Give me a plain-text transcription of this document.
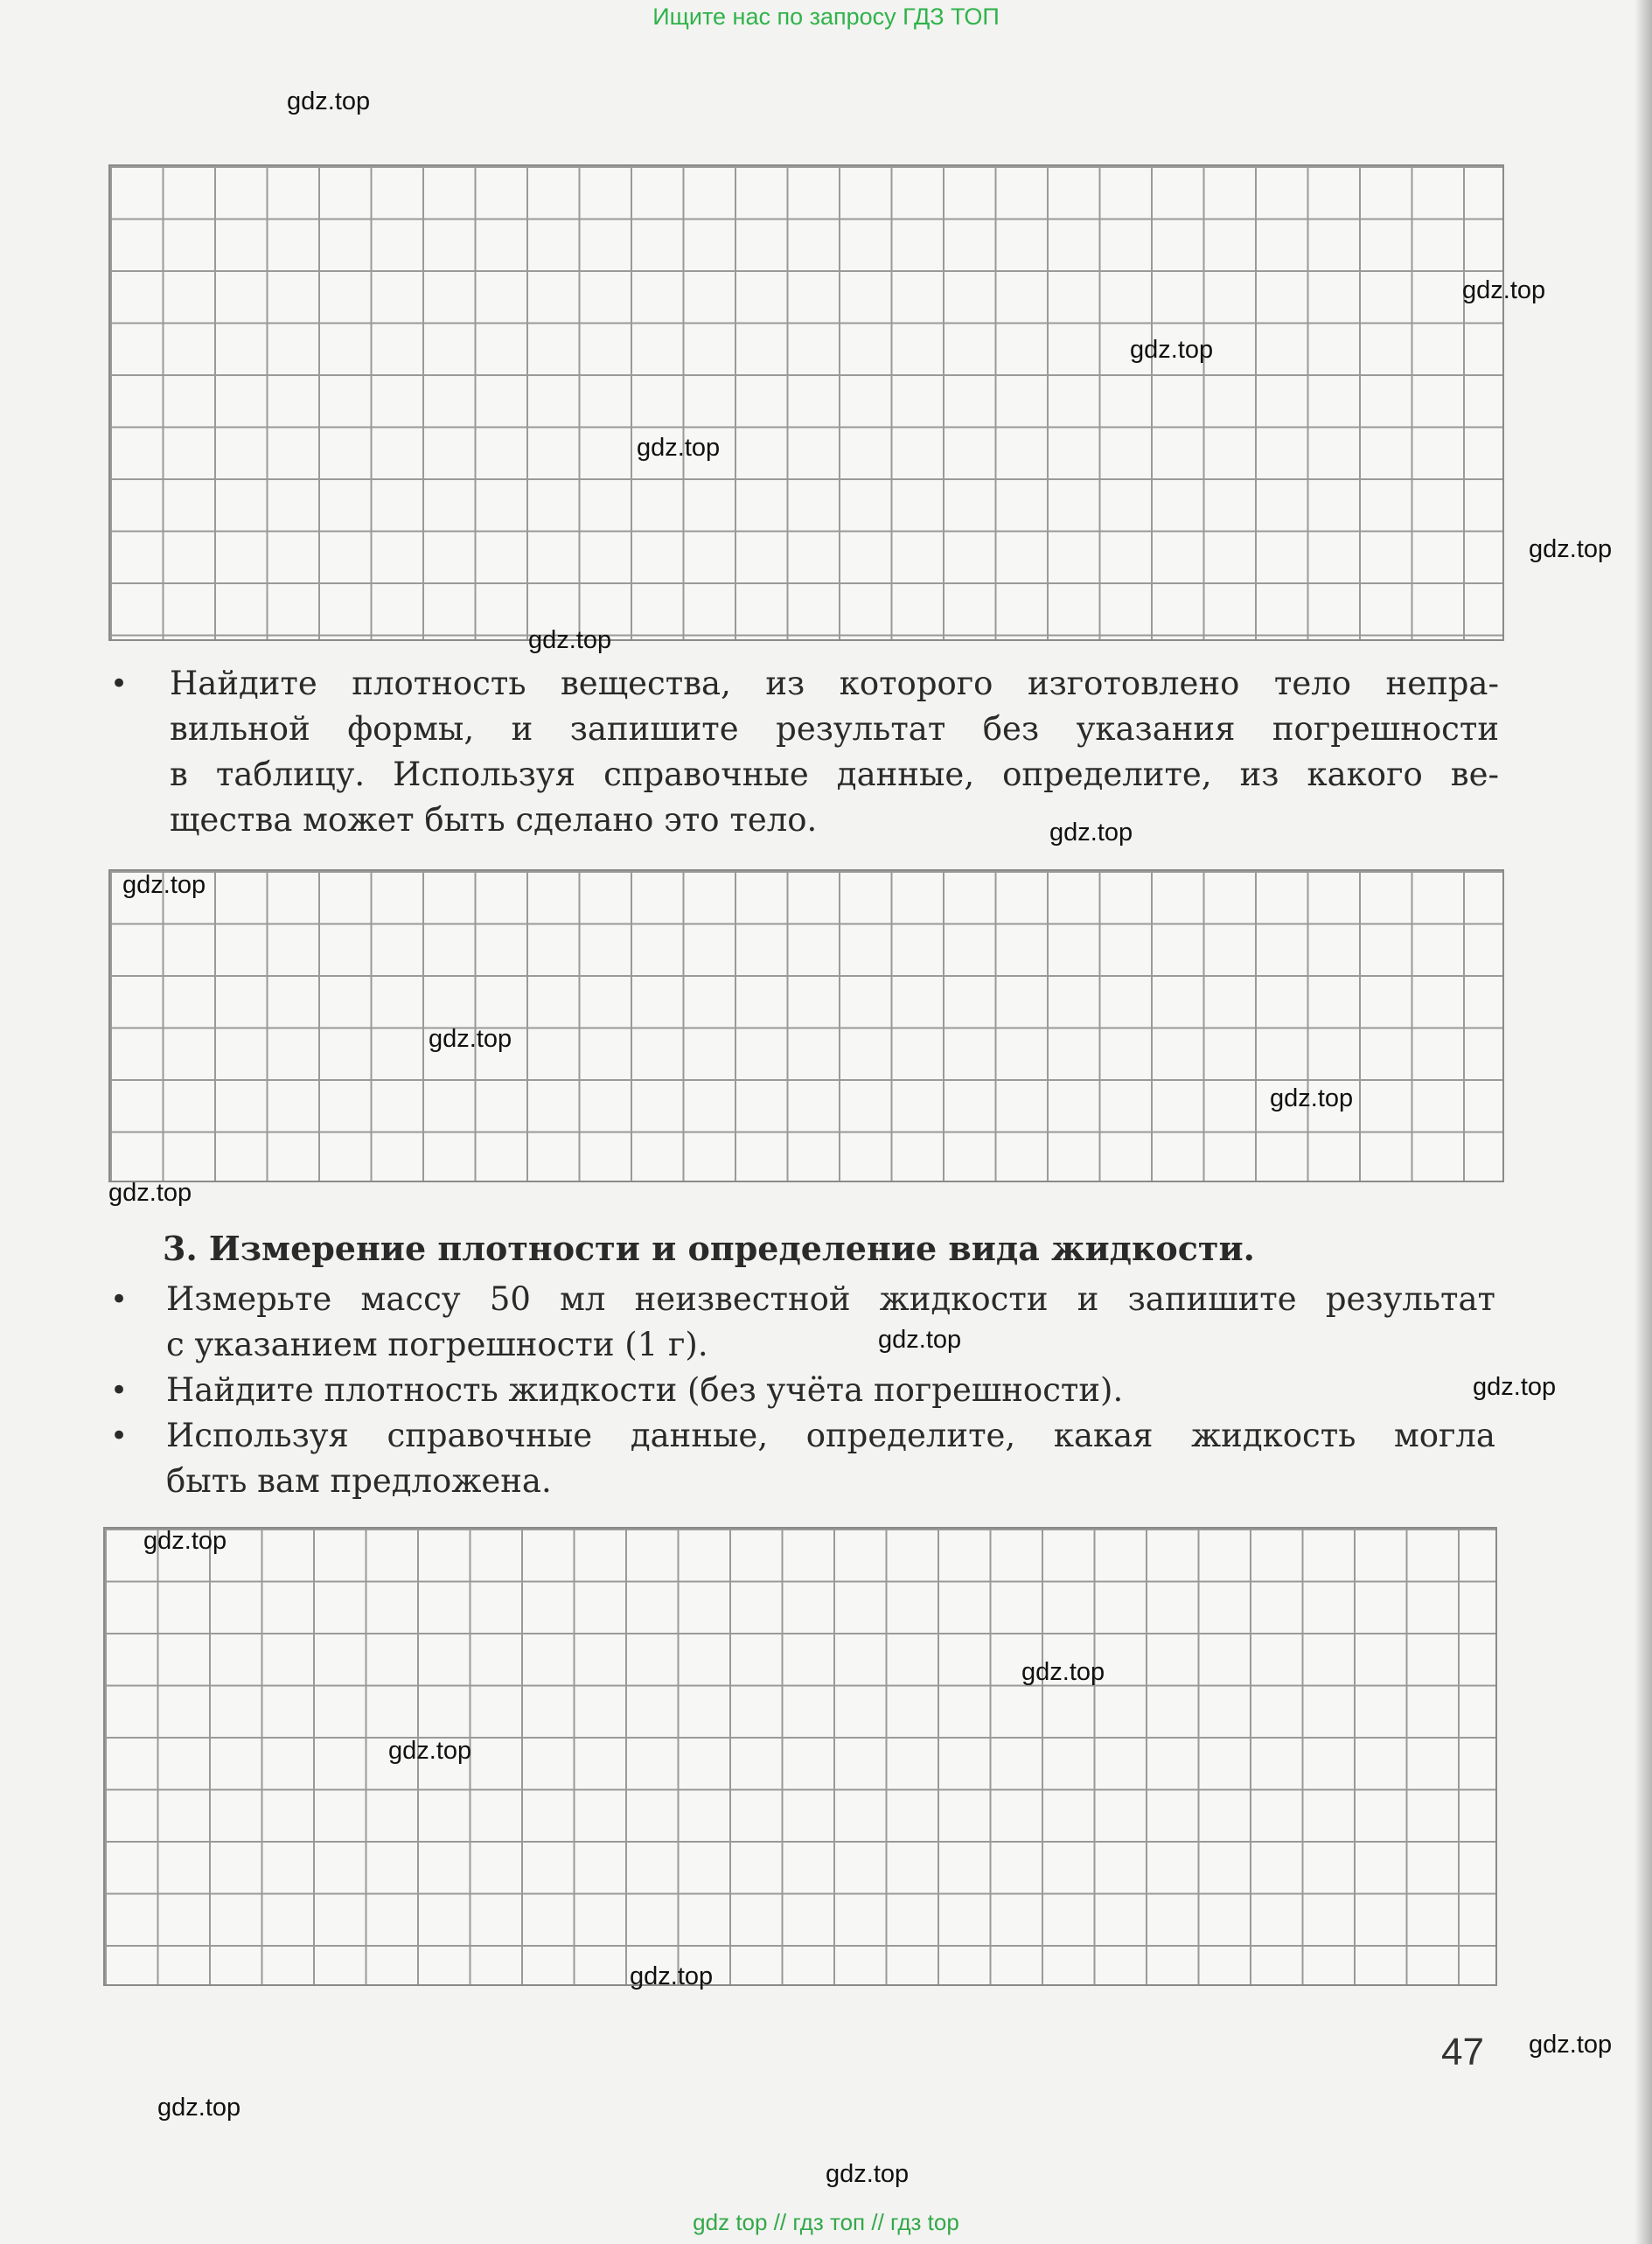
Ищите нас по запросу ГДЗ ТОП
• Найдите плотность вещества, из которого изготовлено тело непра-
вильной формы, и запишите результат без указания погрешности
в таблицу. Используя справочные данные, определите, из какого ве-
щества может быть сделано это тело.
3. Измерение плотности и определение вида жидкости.
• Измерьте массу 50 мл неизвестной жидкости и запишите результат
с указанием погрешности (1 г).
• Найдите плотность жидкости (без учёта погрешности).
• Используя справочные данные, определите, какая жидкость могла
быть вам предложена.
47
gdz.top
gdz.top
gdz.top
gdz.top
gdz.top
gdz.top
gdz.top
gdz.top
gdz.top
gdz.top
gdz.top
gdz.top
gdz.top
gdz.top
gdz.top
gdz.top
gdz.top
gdz.top
gdz.top
gdz.top
gdz top // гдз топ // гдз top
